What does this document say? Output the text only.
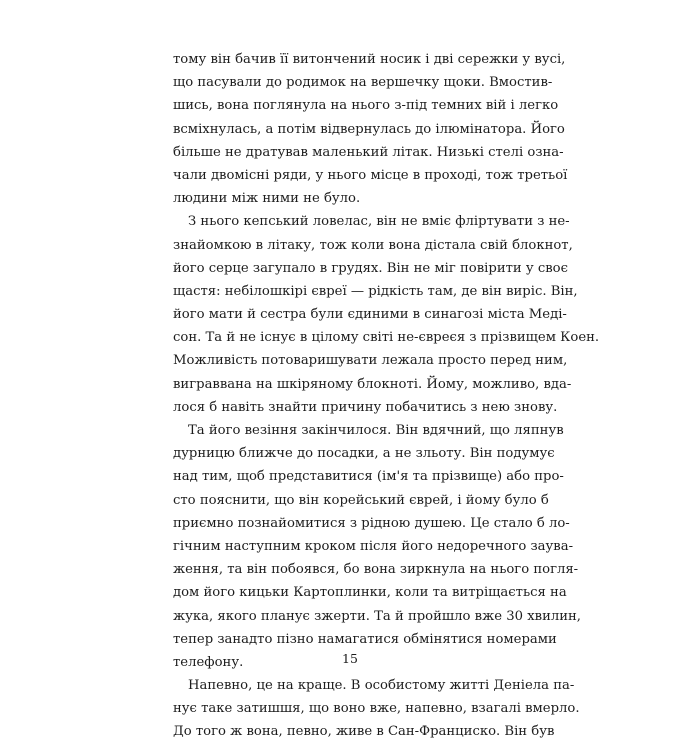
тому він бачив її витончений носик і дві сережки у вусі,
що пасували до родимок на вершечку щоки. Вмостив-
шись, вона поглянула на нього з-під темних вій і легко
всміхнулась, а потім відвернулась до ілюмінатора. Його
більше не дратував маленький літак. Низькі стелі озна-
чали двомісні ряди, у нього місце в проході, тож третьої
людини між ними не було.
З нього кепський ловелас, він не вміє фліртувати з не-
знайомкою в літаку, тож коли вона дістала свій блокнот,
його серце загупало в грудях. Він не міг повірити у своє
щастя: небілошкірі євреї — рідкість там, де він виріс. Він,
його мати й сестра були єдиними в синагозі міста Меді-
сон. Та й не існує в цілому світі не-євреєя з прізвищем Коен.
Можливість потоваришувати лежала просто перед ним,
виграввана на шкіряному блокноті. Йому, можливо, вда-
лося б навіть знайти причину побачитись з нею знову.
Та його везіння закінчилося. Він вдячний, що ляпнув
дурницю ближче до посадки, а не зльоту. Він подумує
над тим, щоб представитися (ім'я та прізвище) або про-
сто пояснити, що він корейський єврей, і йому було б
приємно познайомитися з рідною душею. Це стало б ло-
гічним наступним кроком після його недоречного заува-
ження, та він побоявся, бо вона зиркнула на нього погля-
дом його кицьки Картоплинки, коли та витріщається на
жука, якого планує зжерти. Та й пройшло вже 30 хвилин,
тепер занадто пізно намагатися обмінятися номерами
телефону.
Напевно, це на краще. В особистому житті Деніела па-
нує таке затишшя, що воно вже, напевно, взагалі вмерло.
До того ж вона, певно, живе в Сан-Франциско. Він був
15
